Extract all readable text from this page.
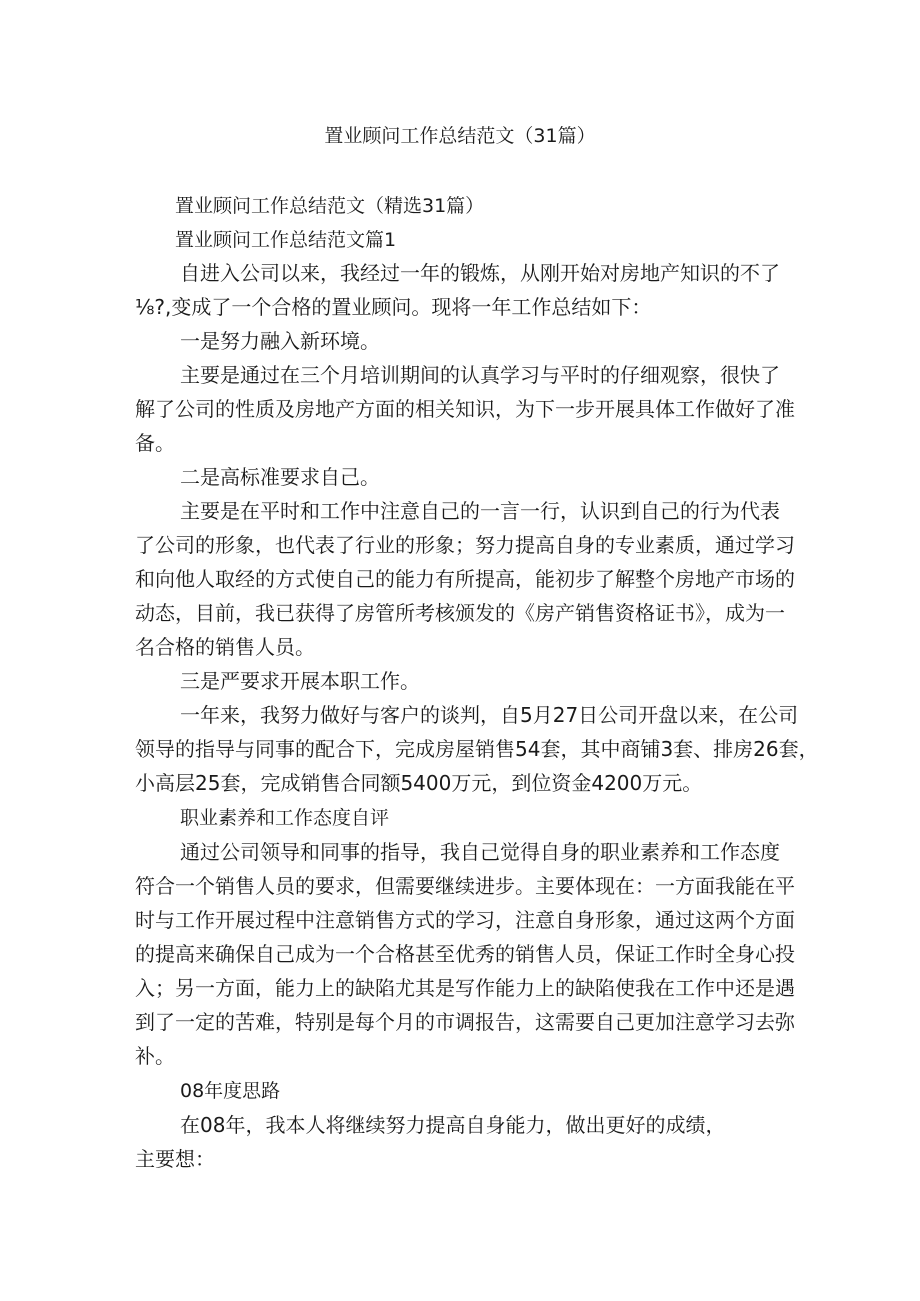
置业顾问工作总结范文（31篇）
置业顾问工作总结范文（精选31篇）
置业顾问工作总结范文篇1
自进入公司以来，我经过一年的锻炼，从刚开始对房地产知识的不了
⅛?,变成了一个合格的置业顾问。现将一年工作总结如下：
一是努力融入新环境。
主要是通过在三个月培训期间的认真学习与平时的仔细观察，很快了
解了公司的性质及房地产方面的相关知识，为下一步开展具体工作做好了准
备。
二是高标准要求自己。
主要是在平时和工作中注意自己的一言一行，认识到自己的行为代表
了公司的形象，也代表了行业的形象；努力提高自身的专业素质，通过学习
和向他人取经的方式使自己的能力有所提高，能初步了解整个房地产市场的
动态，目前，我已获得了房管所考核颁发的《房产销售资格证书》，成为一
名合格的销售人员。
三是严要求开展本职工作。
一年来，我努力做好与客户的谈判，自5月27日公司开盘以来，在公司
领导的指导与同事的配合下，完成房屋销售54套，其中商铺3套、排房26套，
小高层25套，完成销售合同额5400万元，到位资金4200万元。
职业素养和工作态度自评
通过公司领导和同事的指导，我自己觉得自身的职业素养和工作态度
符合一个销售人员的要求，但需要继续进步。主要体现在：一方面我能在平
时与工作开展过程中注意销售方式的学习，注意自身形象，通过这两个方面
的提高来确保自己成为一个合格甚至优秀的销售人员，保证工作时全身心投
入；另一方面，能力上的缺陷尤其是写作能力上的缺陷使我在工作中还是遇
到了一定的苦难，特别是每个月的市调报告，这需要自己更加注意学习去弥
补。
08年度思路
在08年，我本人将继续努力提高自身能力，做出更好的成绩，
主要想：
